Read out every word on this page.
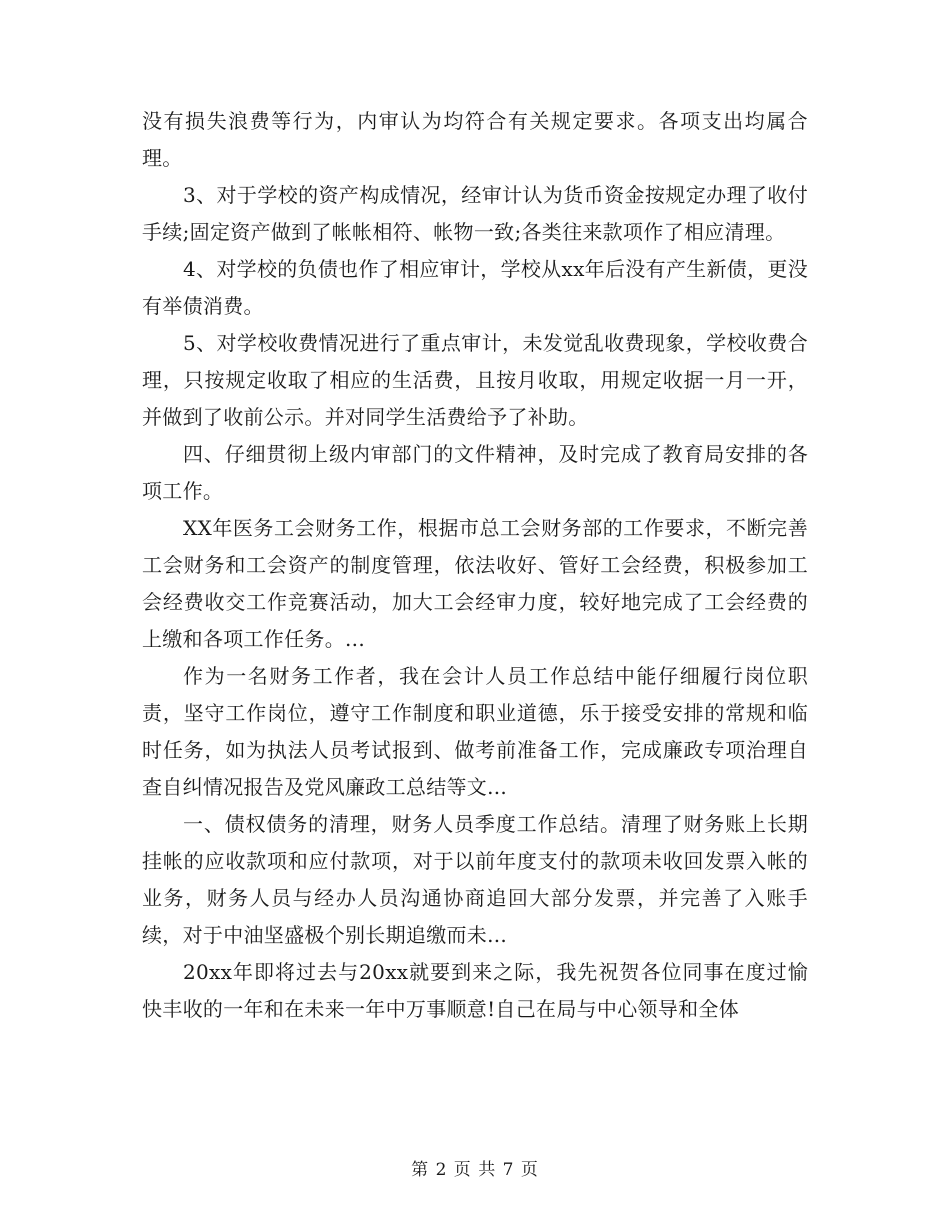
没有损失浪费等行为，内审认为均符合有关规定要求。各项支出均属合理。

3、对于学校的资产构成情况，经审计认为货币资金按规定办理了收付手续;固定资产做到了帐帐相符、帐物一致;各类往来款项作了相应清理。

4、对学校的负债也作了相应审计，学校从xx年后没有产生新债，更没有举债消费。

5、对学校收费情况进行了重点审计，未发觉乱收费现象，学校收费合理，只按规定收取了相应的生活费，且按月收取，用规定收据一月一开，并做到了收前公示。并对同学生活费给予了补助。

四、仔细贯彻上级内审部门的文件精神，及时完成了教育局安排的各项工作。

XX年医务工会财务工作，根据市总工会财务部的工作要求，不断完善工会财务和工会资产的制度管理，依法收好、管好工会经费，积极参加工会经费收交工作竞赛活动，加大工会经审力度，较好地完成了工会经费的上缴和各项工作任务。...

作为一名财务工作者，我在会计人员工作总结中能仔细履行岗位职责，坚守工作岗位，遵守工作制度和职业道德，乐于接受安排的常规和临时任务，如为执法人员考试报到、做考前准备工作，完成廉政专项治理自查自纠情况报告及党风廉政工总结等文...

一、债权债务的清理，财务人员季度工作总结。清理了财务账上长期挂帐的应收款项和应付款项，对于以前年度支付的款项未收回发票入帐的业务，财务人员与经办人员沟通协商追回大部分发票，并完善了入账手续，对于中油坚盛极个别长期追缴而未...

20xx年即将过去与20xx就要到来之际，我先祝贺各位同事在度过愉快丰收的一年和在未来一年中万事顺意!自己在局与中心领导和全体

第 2 页 共 7 页
